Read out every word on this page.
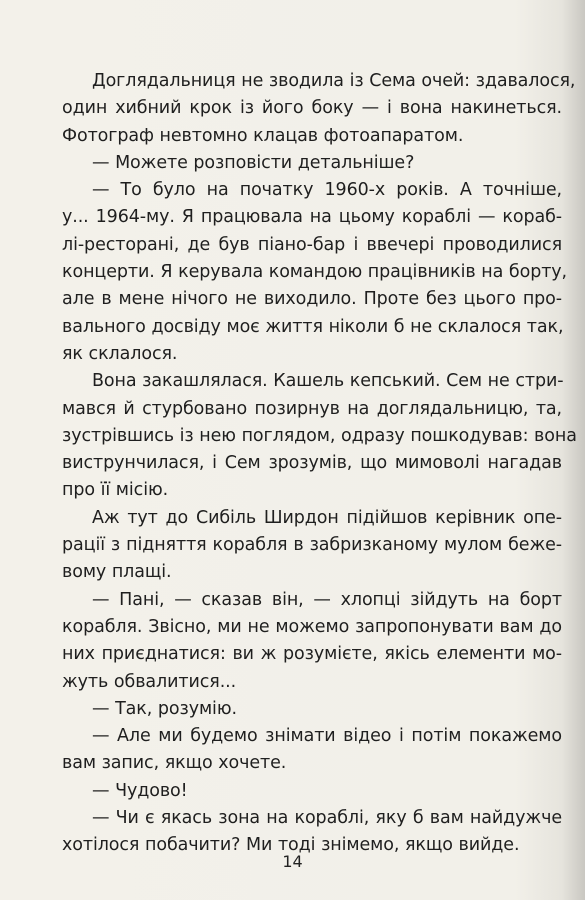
Доглядальниця не зводила із Сема очей: здавалося,
один хибний крок із його боку — і вона накинеться.
Фотограф невтомно клацав фотоапаратом.
— Можете розповісти детальніше?
— То було на початку 1960-х років. А точніше,
у... 1964-му. Я працювала на цьому кораблі — кораб-
лі-ресторані, де був піано-бар і ввечері проводилися
концерти. Я керувала командою працівників на борту,
але в мене нічого не виходило. Проте без цього про-
вального досвіду моє життя ніколи б не склалося так,
як склалося.
Вона закашлялася. Кашель кепський. Сем не стри-
мався й стурбовано позирнув на доглядальницю, та,
зустрівшись із нею поглядом, одразу пошкодував: вона
виструнчилася, і Сем зрозумів, що мимоволі нагадав
про її місію.
Аж тут до Сибіль Ширдон підійшов керівник опе-
рації з підняття корабля в забризканому мулом беже-
вому плащі.
— Пані, — сказав він, — хлопці зійдуть на борт
корабля. Звісно, ми не можемо запропонувати вам до
них приєднатися: ви ж розумієте, якісь елементи мо-
жуть обвалитися...
— Так, розумію.
— Але ми будемо знімати відео і потім покажемо
вам запис, якщо хочете.
— Чудово!
— Чи є якась зона на кораблі, яку б вам найдужче
хотілося побачити? Ми тоді знімемо, якщо вийде.
14
